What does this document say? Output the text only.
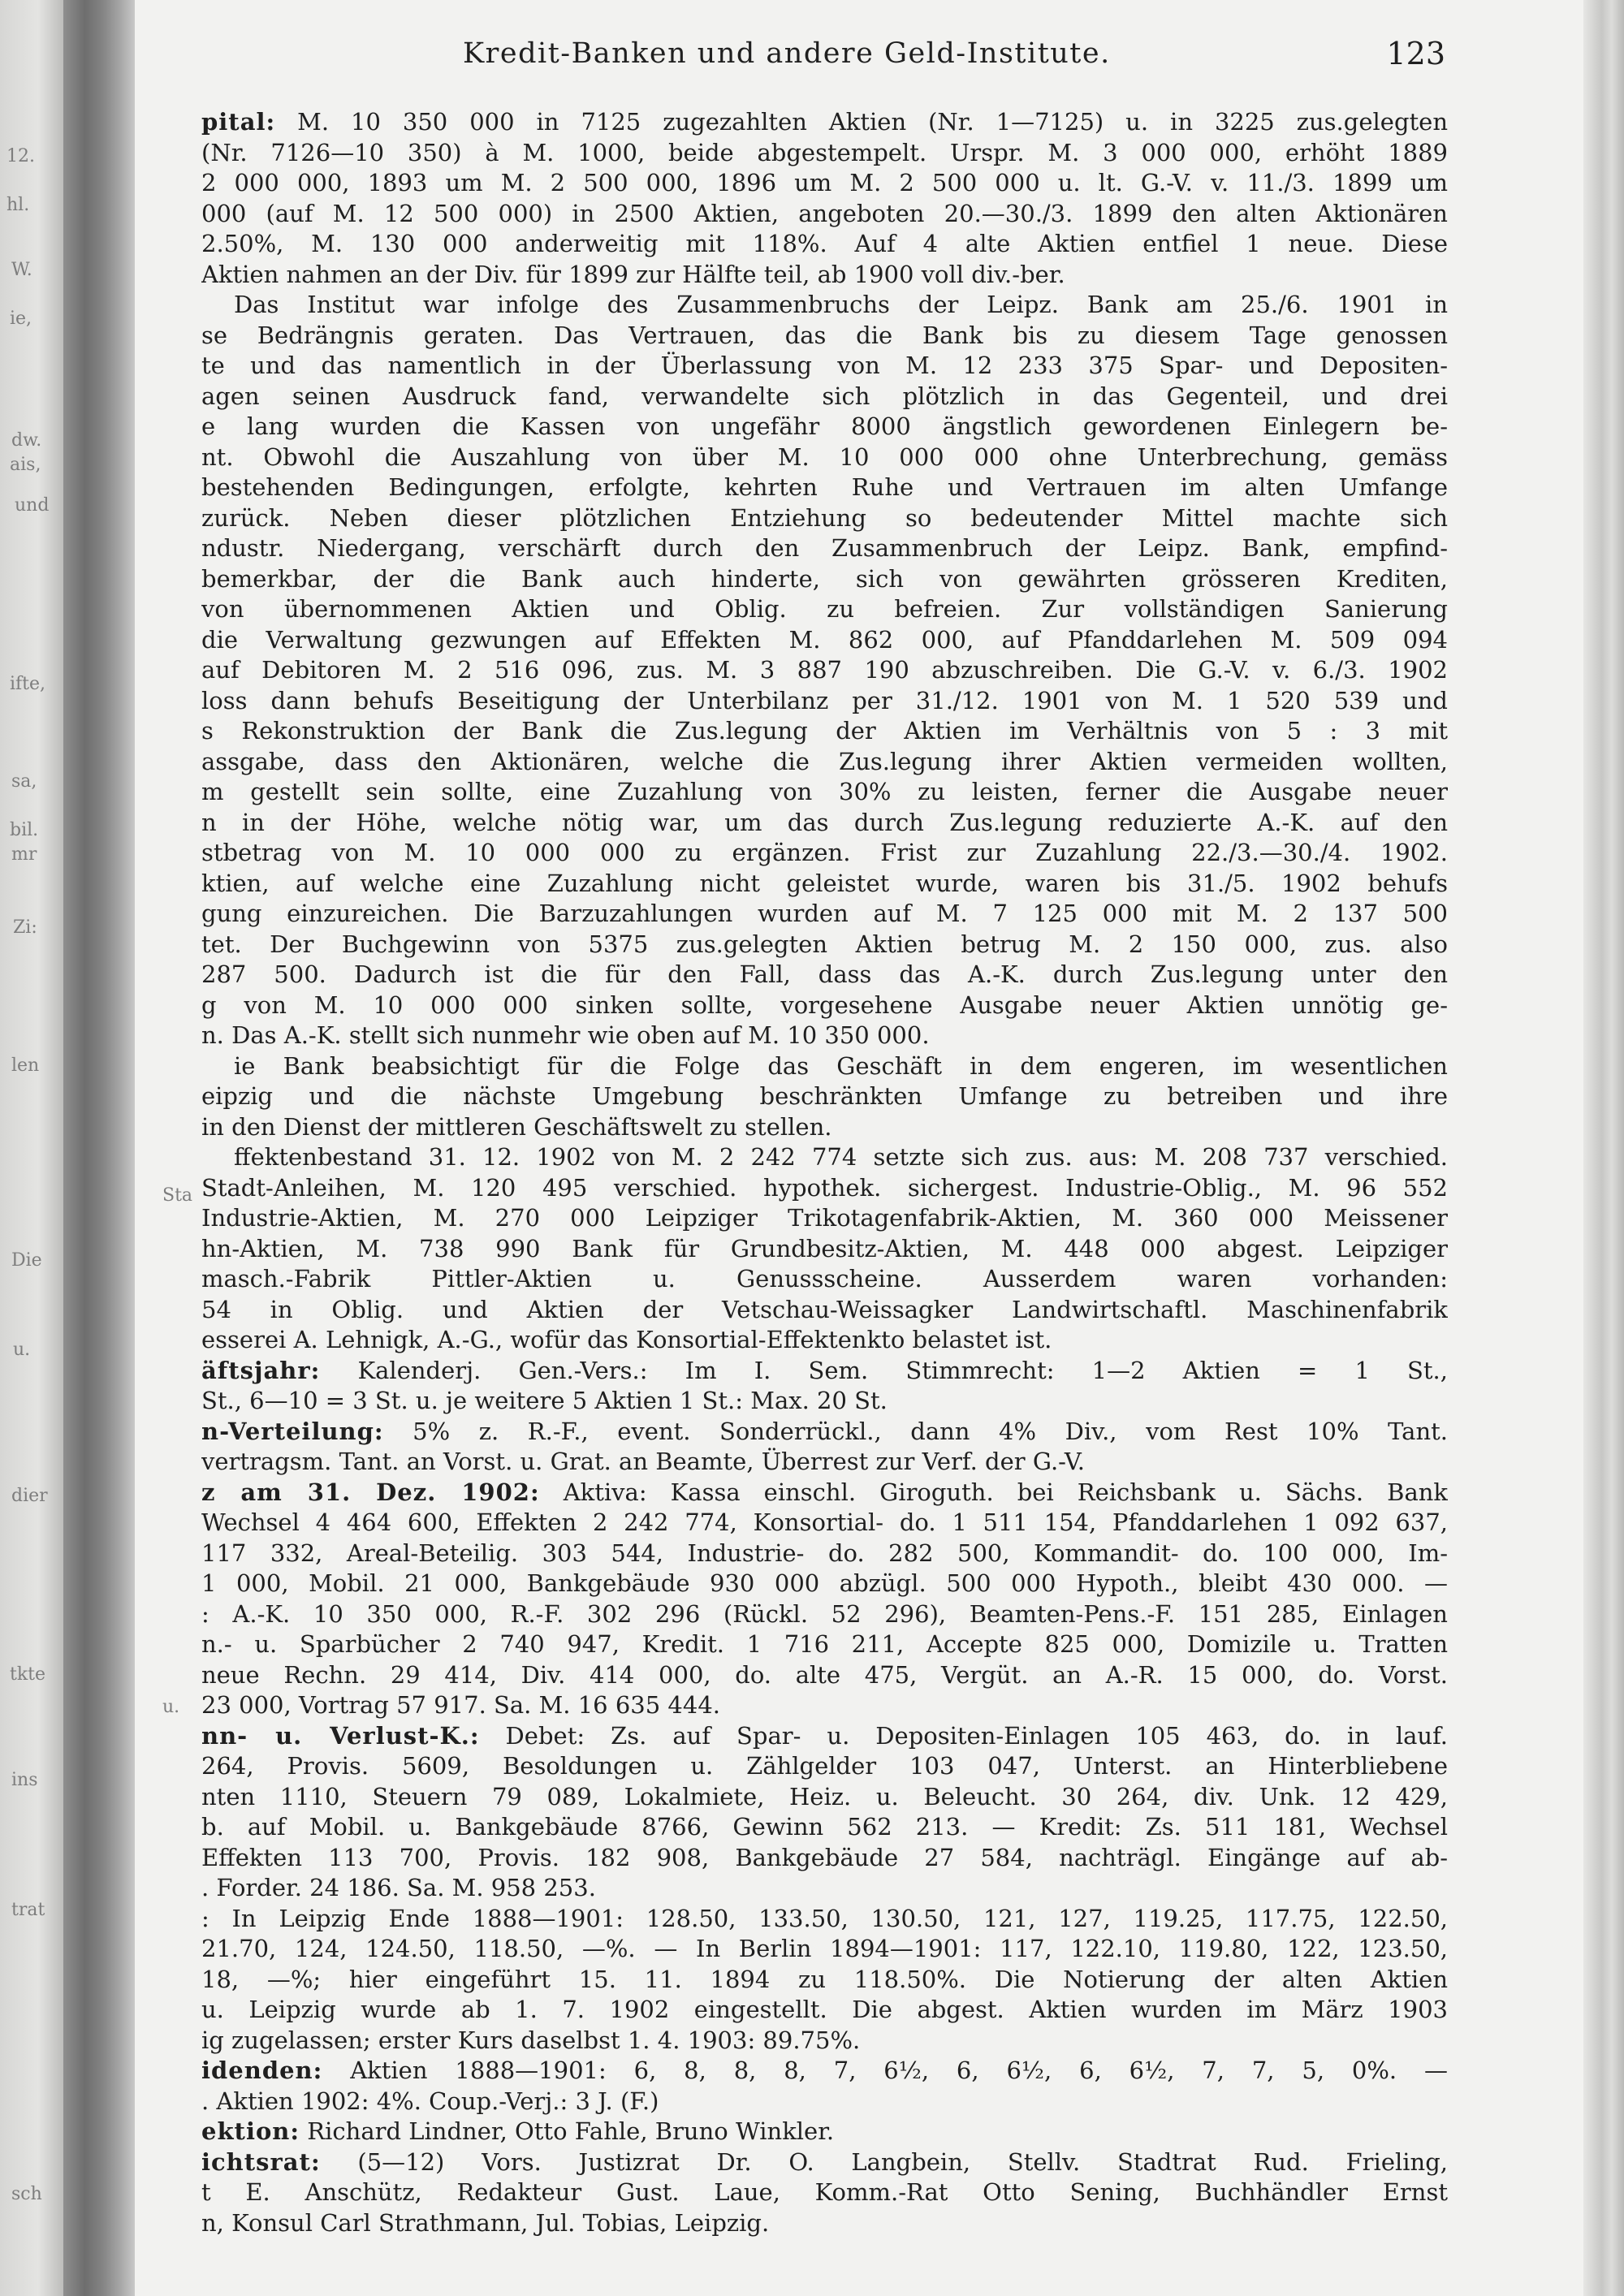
12.
hl.
W.
ie,
dw.
ais,
und
ifte,
sa,
bil.
mr
Zi:
len
Die
u.
Sta
dier
tkte
u.
ins
trat
sch
Kredit-Banken und andere Geld-Institute.	123
pital: M. 10 350 000 in 7125 zugezahlten Aktien (Nr. 1—7125) u. in 3225 zus.gelegten
(Nr. 7126—10 350) à M. 1000, beide abgestempelt. Urspr. M. 3 000 000, erhöht 1889
2 000 000, 1893 um M. 2 500 000, 1896 um M. 2 500 000 u. lt. G.-V. v. 11./3. 1899 um
000 (auf M. 12 500 000) in 2500 Aktien, angeboten 20.—30./3. 1899 den alten Aktionären
2.50%, M. 130 000 anderweitig mit 118%. Auf 4 alte Aktien entfiel 1 neue. Diese
Aktien nahmen an der Div. für 1899 zur Hälfte teil, ab 1900 voll div.-ber.
Das Institut war infolge des Zusammenbruchs der Leipz. Bank am 25./6. 1901 in
se Bedrängnis geraten. Das Vertrauen, das die Bank bis zu diesem Tage genossen
te und das namentlich in der Überlassung von M. 12 233 375 Spar- und Depositen-
agen seinen Ausdruck fand, verwandelte sich plötzlich in das Gegenteil, und drei
e lang wurden die Kassen von ungefähr 8000 ängstlich gewordenen Einlegern be-
nt. Obwohl die Auszahlung von über M. 10 000 000 ohne Unterbrechung, gemäss
bestehenden Bedingungen, erfolgte, kehrten Ruhe und Vertrauen im alten Umfange
zurück. Neben dieser plötzlichen Entziehung so bedeutender Mittel machte sich
ndustr. Niedergang, verschärft durch den Zusammenbruch der Leipz. Bank, empfind-
bemerkbar, der die Bank auch hinderte, sich von gewährten grösseren Krediten,
von übernommenen Aktien und Oblig. zu befreien. Zur vollständigen Sanierung
die Verwaltung gezwungen auf Effekten M. 862 000, auf Pfanddarlehen M. 509 094
auf Debitoren M. 2 516 096, zus. M. 3 887 190 abzuschreiben. Die G.-V. v. 6./3. 1902
loss dann behufs Beseitigung der Unterbilanz per 31./12. 1901 von M. 1 520 539 und
s Rekonstruktion der Bank die Zus.legung der Aktien im Verhältnis von 5 : 3 mit
assgabe, dass den Aktionären, welche die Zus.legung ihrer Aktien vermeiden wollten,
m gestellt sein sollte, eine Zuzahlung von 30% zu leisten, ferner die Ausgabe neuer
n in der Höhe, welche nötig war, um das durch Zus.legung reduzierte A.-K. auf den
stbetrag von M. 10 000 000 zu ergänzen. Frist zur Zuzahlung 22./3.—30./4. 1902.
ktien, auf welche eine Zuzahlung nicht geleistet wurde, waren bis 31./5. 1902 behufs
gung einzureichen. Die Barzuzahlungen wurden auf M. 7 125 000 mit M. 2 137 500
tet. Der Buchgewinn von 5375 zus.gelegten Aktien betrug M. 2 150 000, zus. also
287 500. Dadurch ist die für den Fall, dass das A.-K. durch Zus.legung unter den
g von M. 10 000 000 sinken sollte, vorgesehene Ausgabe neuer Aktien unnötig ge-
n. Das A.-K. stellt sich nunmehr wie oben auf M. 10 350 000.
ie Bank beabsichtigt für die Folge das Geschäft in dem engeren, im wesentlichen
eipzig und die nächste Umgebung beschränkten Umfange zu betreiben und ihre
in den Dienst der mittleren Geschäftswelt zu stellen.
ffektenbestand 31. 12. 1902 von M. 2 242 774 setzte sich zus. aus: M. 208 737 verschied.
Stadt-Anleihen, M. 120 495 verschied. hypothek. sichergest. Industrie-Oblig., M. 96 552
Industrie-Aktien, M. 270 000 Leipziger Trikotagenfabrik-Aktien, M. 360 000 Meissener
hn-Aktien, M. 738 990 Bank für Grundbesitz-Aktien, M. 448 000 abgest. Leipziger
masch.-Fabrik Pittler-Aktien u. Genussscheine. Ausserdem waren vorhanden:
54 in Oblig. und Aktien der Vetschau-Weissagker Landwirtschaftl. Maschinenfabrik
esserei A. Lehnigk, A.-G., wofür das Konsortial-Effektenkto belastet ist.
äftsjahr: Kalenderj. Gen.-Vers.: Im I. Sem. Stimmrecht: 1—2 Aktien = 1 St.,
St., 6—10 = 3 St. u. je weitere 5 Aktien 1 St.: Max. 20 St.
n-Verteilung: 5% z. R.-F., event. Sonderrückl., dann 4% Div., vom Rest 10% Tant.
vertragsm. Tant. an Vorst. u. Grat. an Beamte, Überrest zur Verf. der G.-V.
z am 31. Dez. 1902: Aktiva: Kassa einschl. Giroguth. bei Reichsbank u. Sächs. Bank
Wechsel 4 464 600, Effekten 2 242 774, Konsortial- do. 1 511 154, Pfanddarlehen 1 092 637,
117 332, Areal-Beteilig. 303 544, Industrie- do. 282 500, Kommandit- do. 100 000, Im-
1 000, Mobil. 21 000, Bankgebäude 930 000 abzügl. 500 000 Hypoth., bleibt 430 000. —
: A.-K. 10 350 000, R.-F. 302 296 (Rückl. 52 296), Beamten-Pens.-F. 151 285, Einlagen
n.- u. Sparbücher 2 740 947, Kredit. 1 716 211, Accepte 825 000, Domizile u. Tratten
neue Rechn. 29 414, Div. 414 000, do. alte 475, Vergüt. an A.-R. 15 000, do. Vorst.
23 000, Vortrag 57 917. Sa. M. 16 635 444.
nn- u. Verlust-K.: Debet: Zs. auf Spar- u. Depositen-Einlagen 105 463, do. in lauf.
264, Provis. 5609, Besoldungen u. Zählgelder 103 047, Unterst. an Hinterbliebene
nten 1110, Steuern 79 089, Lokalmiete, Heiz. u. Beleucht. 30 264, div. Unk. 12 429,
b. auf Mobil. u. Bankgebäude 8766, Gewinn 562 213. — Kredit: Zs. 511 181, Wechsel
Effekten 113 700, Provis. 182 908, Bankgebäude 27 584, nachträgl. Eingänge auf ab-
. Forder. 24 186. Sa. M. 958 253.
: In Leipzig Ende 1888—1901: 128.50, 133.50, 130.50, 121, 127, 119.25, 117.75, 122.50,
21.70, 124, 124.50, 118.50, —%. — In Berlin 1894—1901: 117, 122.10, 119.80, 122, 123.50,
18, —%; hier eingeführt 15. 11. 1894 zu 118.50%. Die Notierung der alten Aktien
u. Leipzig wurde ab 1. 7. 1902 eingestellt. Die abgest. Aktien wurden im März 1903
ig zugelassen; erster Kurs daselbst 1. 4. 1903: 89.75%.
idenden: Aktien 1888—1901: 6, 8, 8, 8, 7, 6½, 6, 6½, 6, 6½, 7, 7, 5, 0%. —
. Aktien 1902: 4%. Coup.-Verj.: 3 J. (F.)
ektion: Richard Lindner, Otto Fahle, Bruno Winkler.
ichtsrat: (5—12) Vors. Justizrat Dr. O. Langbein, Stellv. Stadtrat Rud. Frieling,
t E. Anschütz, Redakteur Gust. Laue, Komm.-Rat Otto Sening, Buchhändler Ernst
n, Konsul Carl Strathmann, Jul. Tobias, Leipzig.
